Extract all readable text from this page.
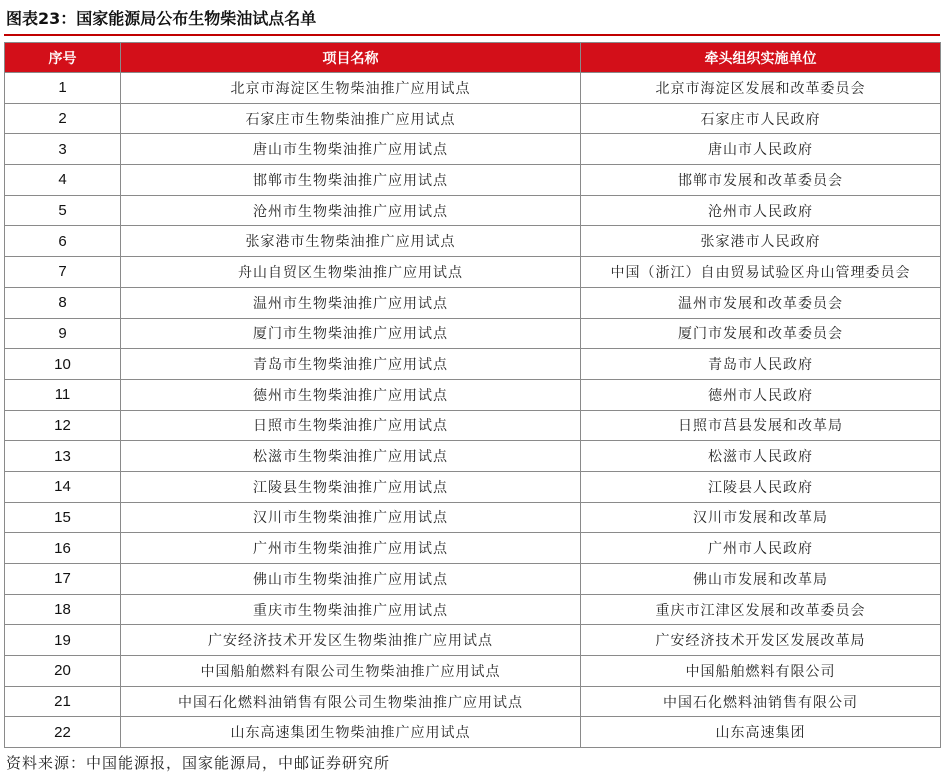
图表23：国家能源局公布生物柴油试点名单
序号	项目名称	牵头组织实施单位
1	北京市海淀区生物柴油推广应用试点	北京市海淀区发展和改革委员会
2	石家庄市生物柴油推广应用试点	石家庄市人民政府
3	唐山市生物柴油推广应用试点	唐山市人民政府
4	邯郸市生物柴油推广应用试点	邯郸市发展和改革委员会
5	沧州市生物柴油推广应用试点	沧州市人民政府
6	张家港市生物柴油推广应用试点	张家港市人民政府
7	舟山自贸区生物柴油推广应用试点	中国（浙江）自由贸易试验区舟山管理委员会
8	温州市生物柴油推广应用试点	温州市发展和改革委员会
9	厦门市生物柴油推广应用试点	厦门市发展和改革委员会
10	青岛市生物柴油推广应用试点	青岛市人民政府
11	德州市生物柴油推广应用试点	德州市人民政府
12	日照市生物柴油推广应用试点	日照市莒县发展和改革局
13	松滋市生物柴油推广应用试点	松滋市人民政府
14	江陵县生物柴油推广应用试点	江陵县人民政府
15	汉川市生物柴油推广应用试点	汉川市发展和改革局
16	广州市生物柴油推广应用试点	广州市人民政府
17	佛山市生物柴油推广应用试点	佛山市发展和改革局
18	重庆市生物柴油推广应用试点	重庆市江津区发展和改革委员会
19	广安经济技术开发区生物柴油推广应用试点	广安经济技术开发区发展改革局
20	中国船舶燃料有限公司生物柴油推广应用试点	中国船舶燃料有限公司
21	中国石化燃料油销售有限公司生物柴油推广应用试点	中国石化燃料油销售有限公司
22	山东高速集团生物柴油推广应用试点	山东高速集团
资料来源：中国能源报，国家能源局，中邮证券研究所
